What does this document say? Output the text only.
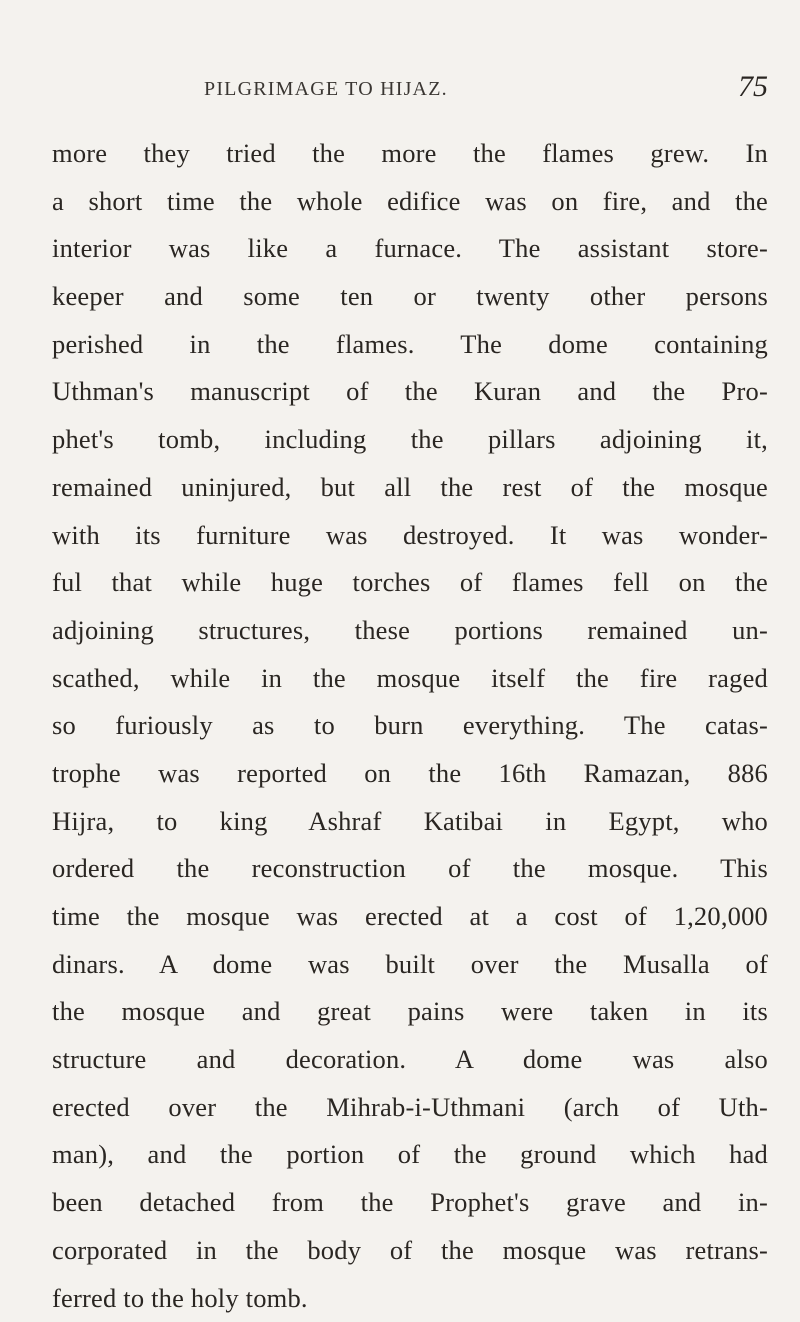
PILGRIMAGE TO HIJAZ.	75
more they tried the more the flames grew. In
a short time the whole edifice was on fire, and the
interior was like a furnace. The assistant store-
keeper and some ten or twenty other persons
perished in the flames. The dome containing
Uthman's manuscript of the Kuran and the Pro-
phet's tomb, including the pillars adjoining it,
remained uninjured, but all the rest of the mosque
with its furniture was destroyed. It was wonder-
ful that while huge torches of flames fell on the
adjoining structures, these portions remained un-
scathed, while in the mosque itself the fire raged
so furiously as to burn everything. The catas-
trophe was reported on the 16th Ramazan, 886
Hijra, to king Ashraf Katibai in Egypt, who
ordered the reconstruction of the mosque. This
time the mosque was erected at a cost of 1,20,000
dinars. A dome was built over the Musalla of
the mosque and great pains were taken in its
structure and decoration. A dome was also
erected over the Mihrab-i-Uthmani (arch of Uth-
man), and the portion of the ground which had
been detached from the Prophet's grave and in-
corporated in the body of the mosque was retrans-
ferred to the holy tomb.
